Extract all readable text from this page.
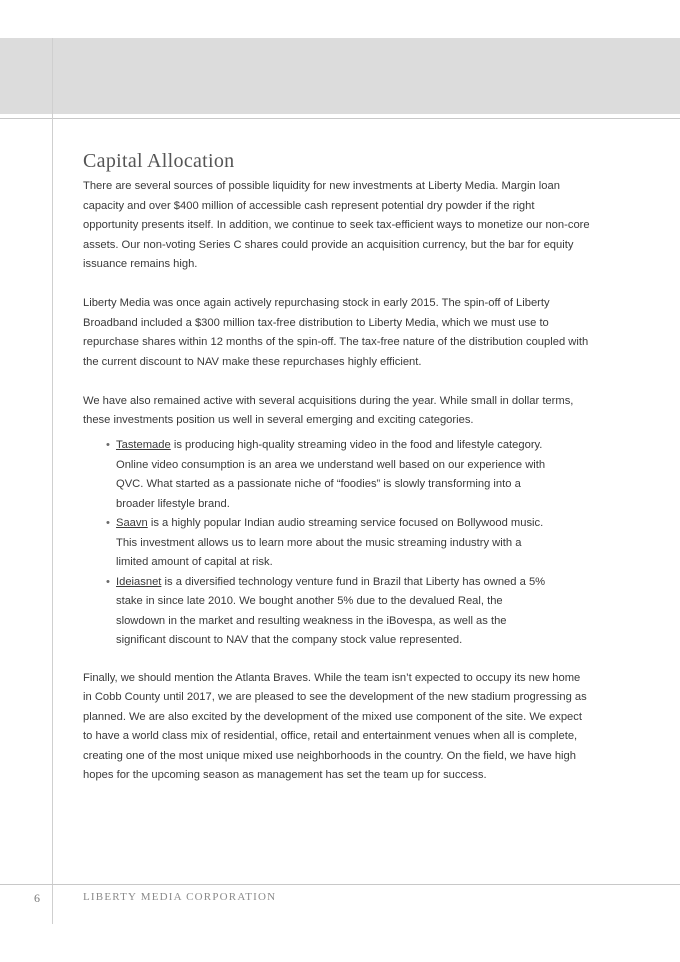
Capital Allocation

There are several sources of possible liquidity for new investments at Liberty Media. Margin loan capacity and over $400 million of accessible cash represent potential dry powder if the right opportunity presents itself. In addition, we continue to seek tax-efficient ways to monetize our non-core assets. Our non-voting Series C shares could provide an acquisition currency, but the bar for equity issuance remains high.

Liberty Media was once again actively repurchasing stock in early 2015. The spin-off of Liberty Broadband included a $300 million tax-free distribution to Liberty Media, which we must use to repurchase shares within 12 months of the spin-off. The tax-free nature of the distribution coupled with the current discount to NAV make these repurchases highly efficient.

We have also remained active with several acquisitions during the year. While small in dollar terms, these investments position us well in several emerging and exciting categories.

• Tastemade is producing high-quality streaming video in the food and lifestyle category. Online video consumption is an area we understand well based on our experience with QVC. What started as a passionate niche of “foodies” is slowly transforming into a broader lifestyle brand.
• Saavn is a highly popular Indian audio streaming service focused on Bollywood music. This investment allows us to learn more about the music streaming industry with a limited amount of capital at risk.
• Ideiasnet is a diversified technology venture fund in Brazil that Liberty has owned a 5% stake in since late 2010. We bought another 5% due to the devalued Real, the slowdown in the market and resulting weakness in the iBovespa, as well as the significant discount to NAV that the company stock value represented.

Finally, we should mention the Atlanta Braves. While the team isn’t expected to occupy its new home in Cobb County until 2017, we are pleased to see the development of the new stadium progressing as planned. We are also excited by the development of the mixed use component of the site. We expect to have a world class mix of residential, office, retail and entertainment venues when all is complete, creating one of the most unique mixed use neighborhoods in the country. On the field, we have high hopes for the upcoming season as management has set the team up for success.

6	LIBERTY MEDIA CORPORATION
